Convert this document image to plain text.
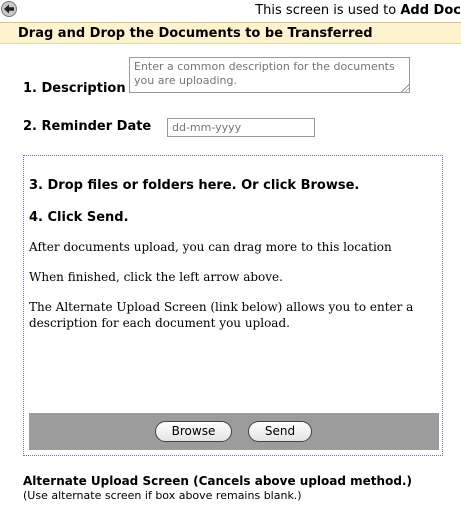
This screen is used to Add Doc
Drag and Drop the Documents to be Transferred
1. Description
Enter a common description for the documents you are uploading.
2. Reminder Date
dd-mm-yyyy
3. Drop files or folders here. Or click Browse.
4. Click Send.
After documents upload, you can drag more to this location
When finished, click the left arrow above.
The Alternate Upload Screen (link below) allows you to enter a description for each document you upload.
Browse	Send
Alternate Upload Screen (Cancels above upload method.)
(Use alternate screen if box above remains blank.)
